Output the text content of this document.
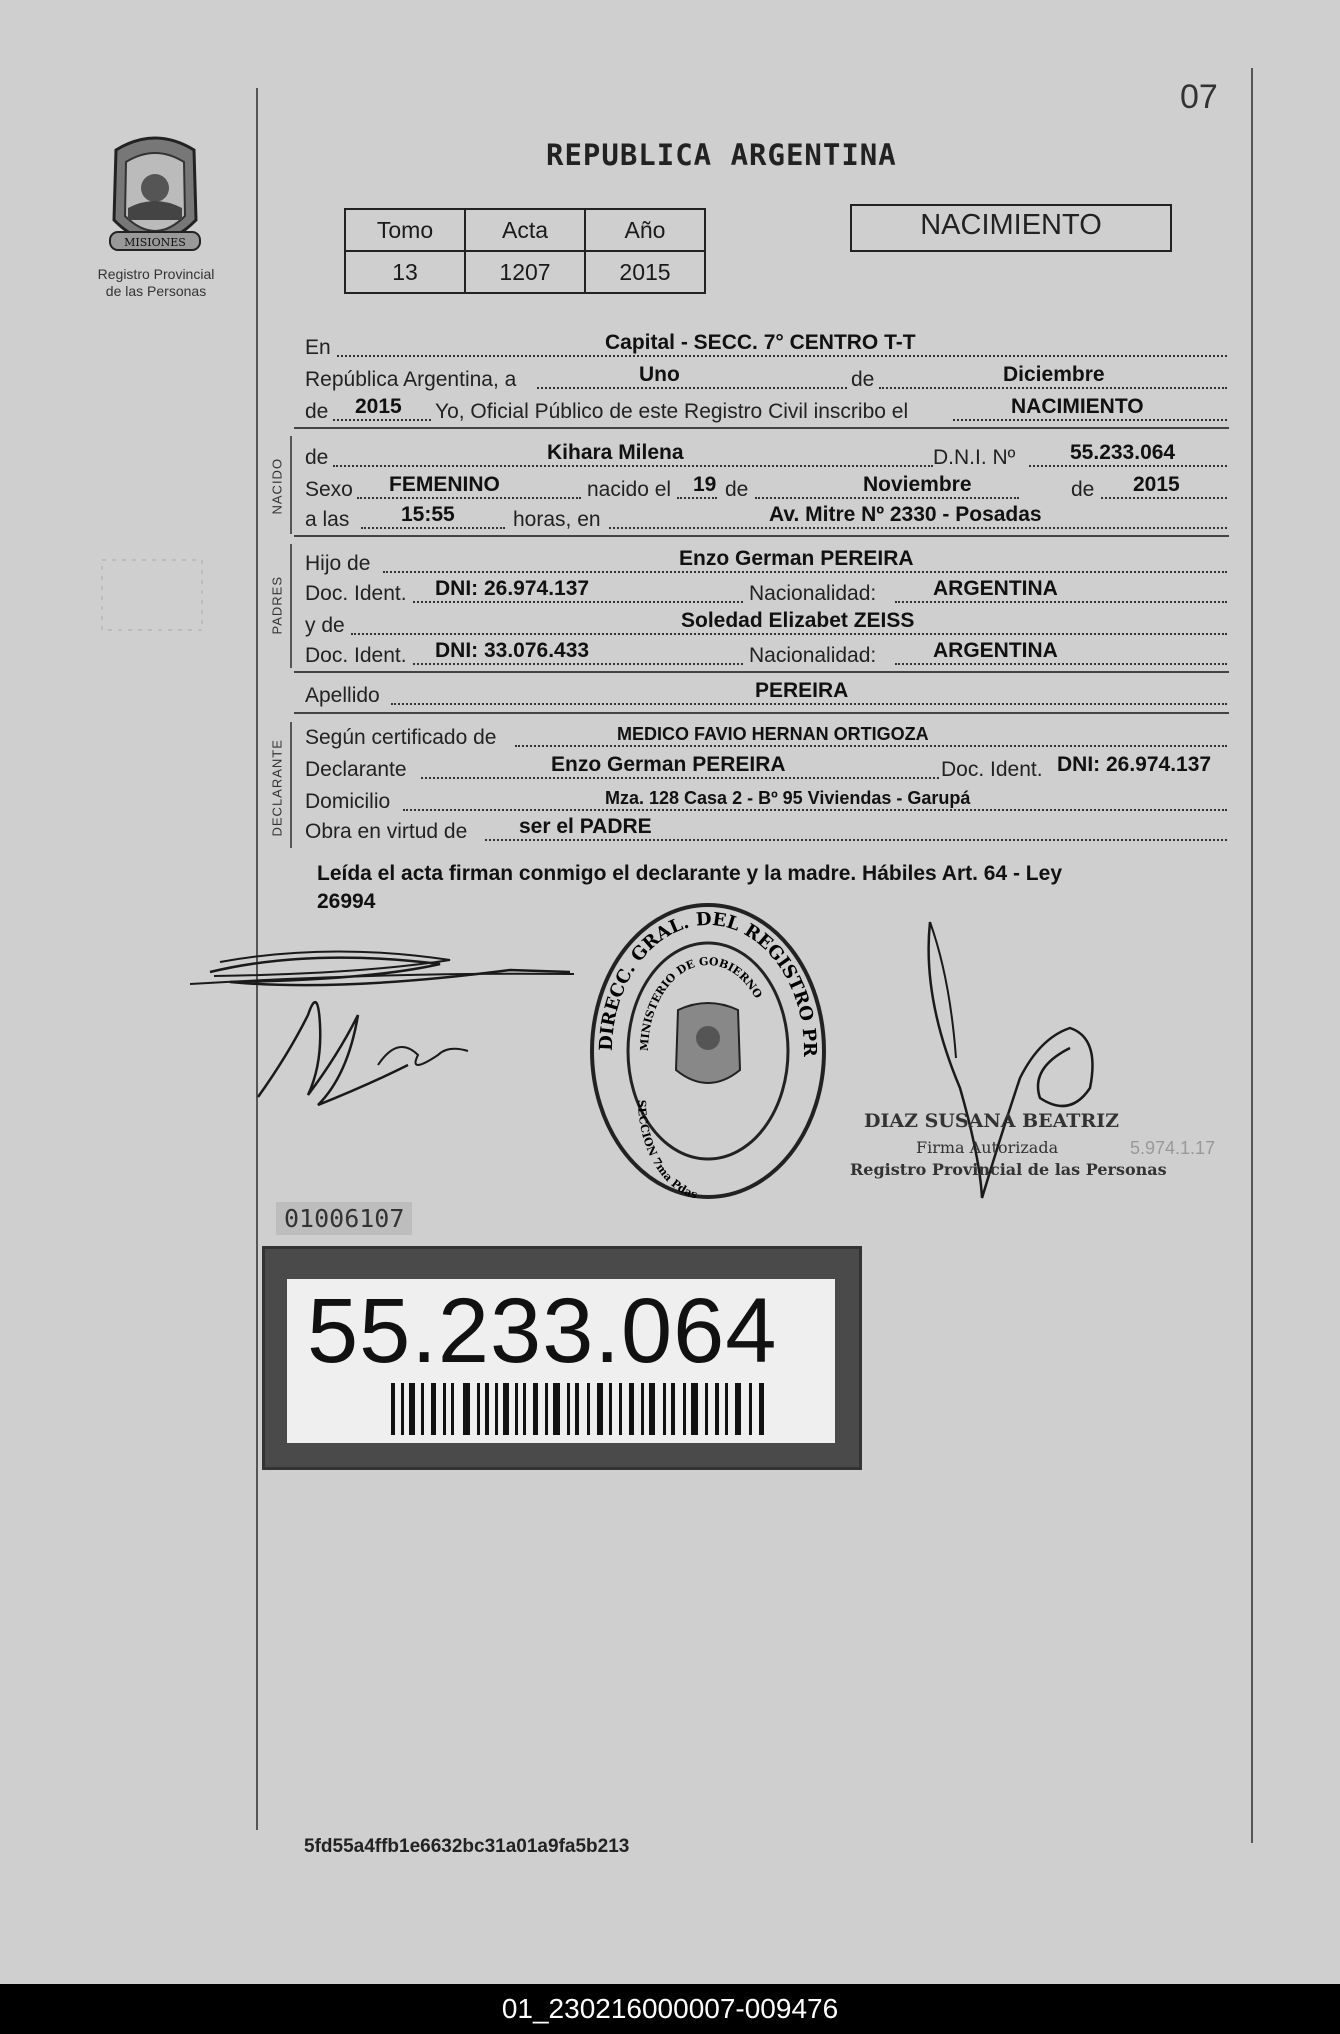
07
MISIONES
Registro Provincial
de las Personas
REPUBLICA ARGENTINA
Tomo	Acta	Año
13	1207	2015
NACIMIENTO
En	Capital - SECC. 7° CENTRO T-T
República Argentina, a	Uno	de	Diciembre
de 2015 Yo, Oficial Público de este Registro Civil inscribo el	NACIMIENTO
NACIDO
de	Kihara Milena	D.N.I. Nº	55.233.064
Sexo FEMENINO	nacido el 19 de	Noviembre	de 2015
a las 15:55	horas, en	Av. Mitre Nº 2330 - Posadas
PADRES
Hijo de	Enzo German PEREIRA
Doc. Ident. DNI: 26.974.137	Nacionalidad:	ARGENTINA
y de	Soledad Elizabet ZEISS
Doc. Ident. DNI: 33.076.433	Nacionalidad:	ARGENTINA
Apellido	PEREIRA
DECLARANTE
Según certificado de	MEDICO FAVIO HERNAN ORTIGOZA
Declarante	Enzo German PEREIRA	Doc. Ident. DNI: 26.974.137
Domicilio	Mza. 128 Casa 2 - Bº 95 Viviendas - Garupá
Obra en virtud de ser el PADRE
Leída el acta firman conmigo el declarante y la madre. Hábiles Art. 64 - Ley
26994
DIRECC. GRAL. DEL REGISTRO PR
MINISTERIO DE GOBIERNO
SECCION 7ma Pdas
DIAZ SUSANA BEATRIZ
Firma Autorizada
Registro Provincial de las Personas
5.974.1.17
01006107
55.233.064
5fd55a4ffb1e6632bc31a01a9fa5b213
01_230216000007-009476
